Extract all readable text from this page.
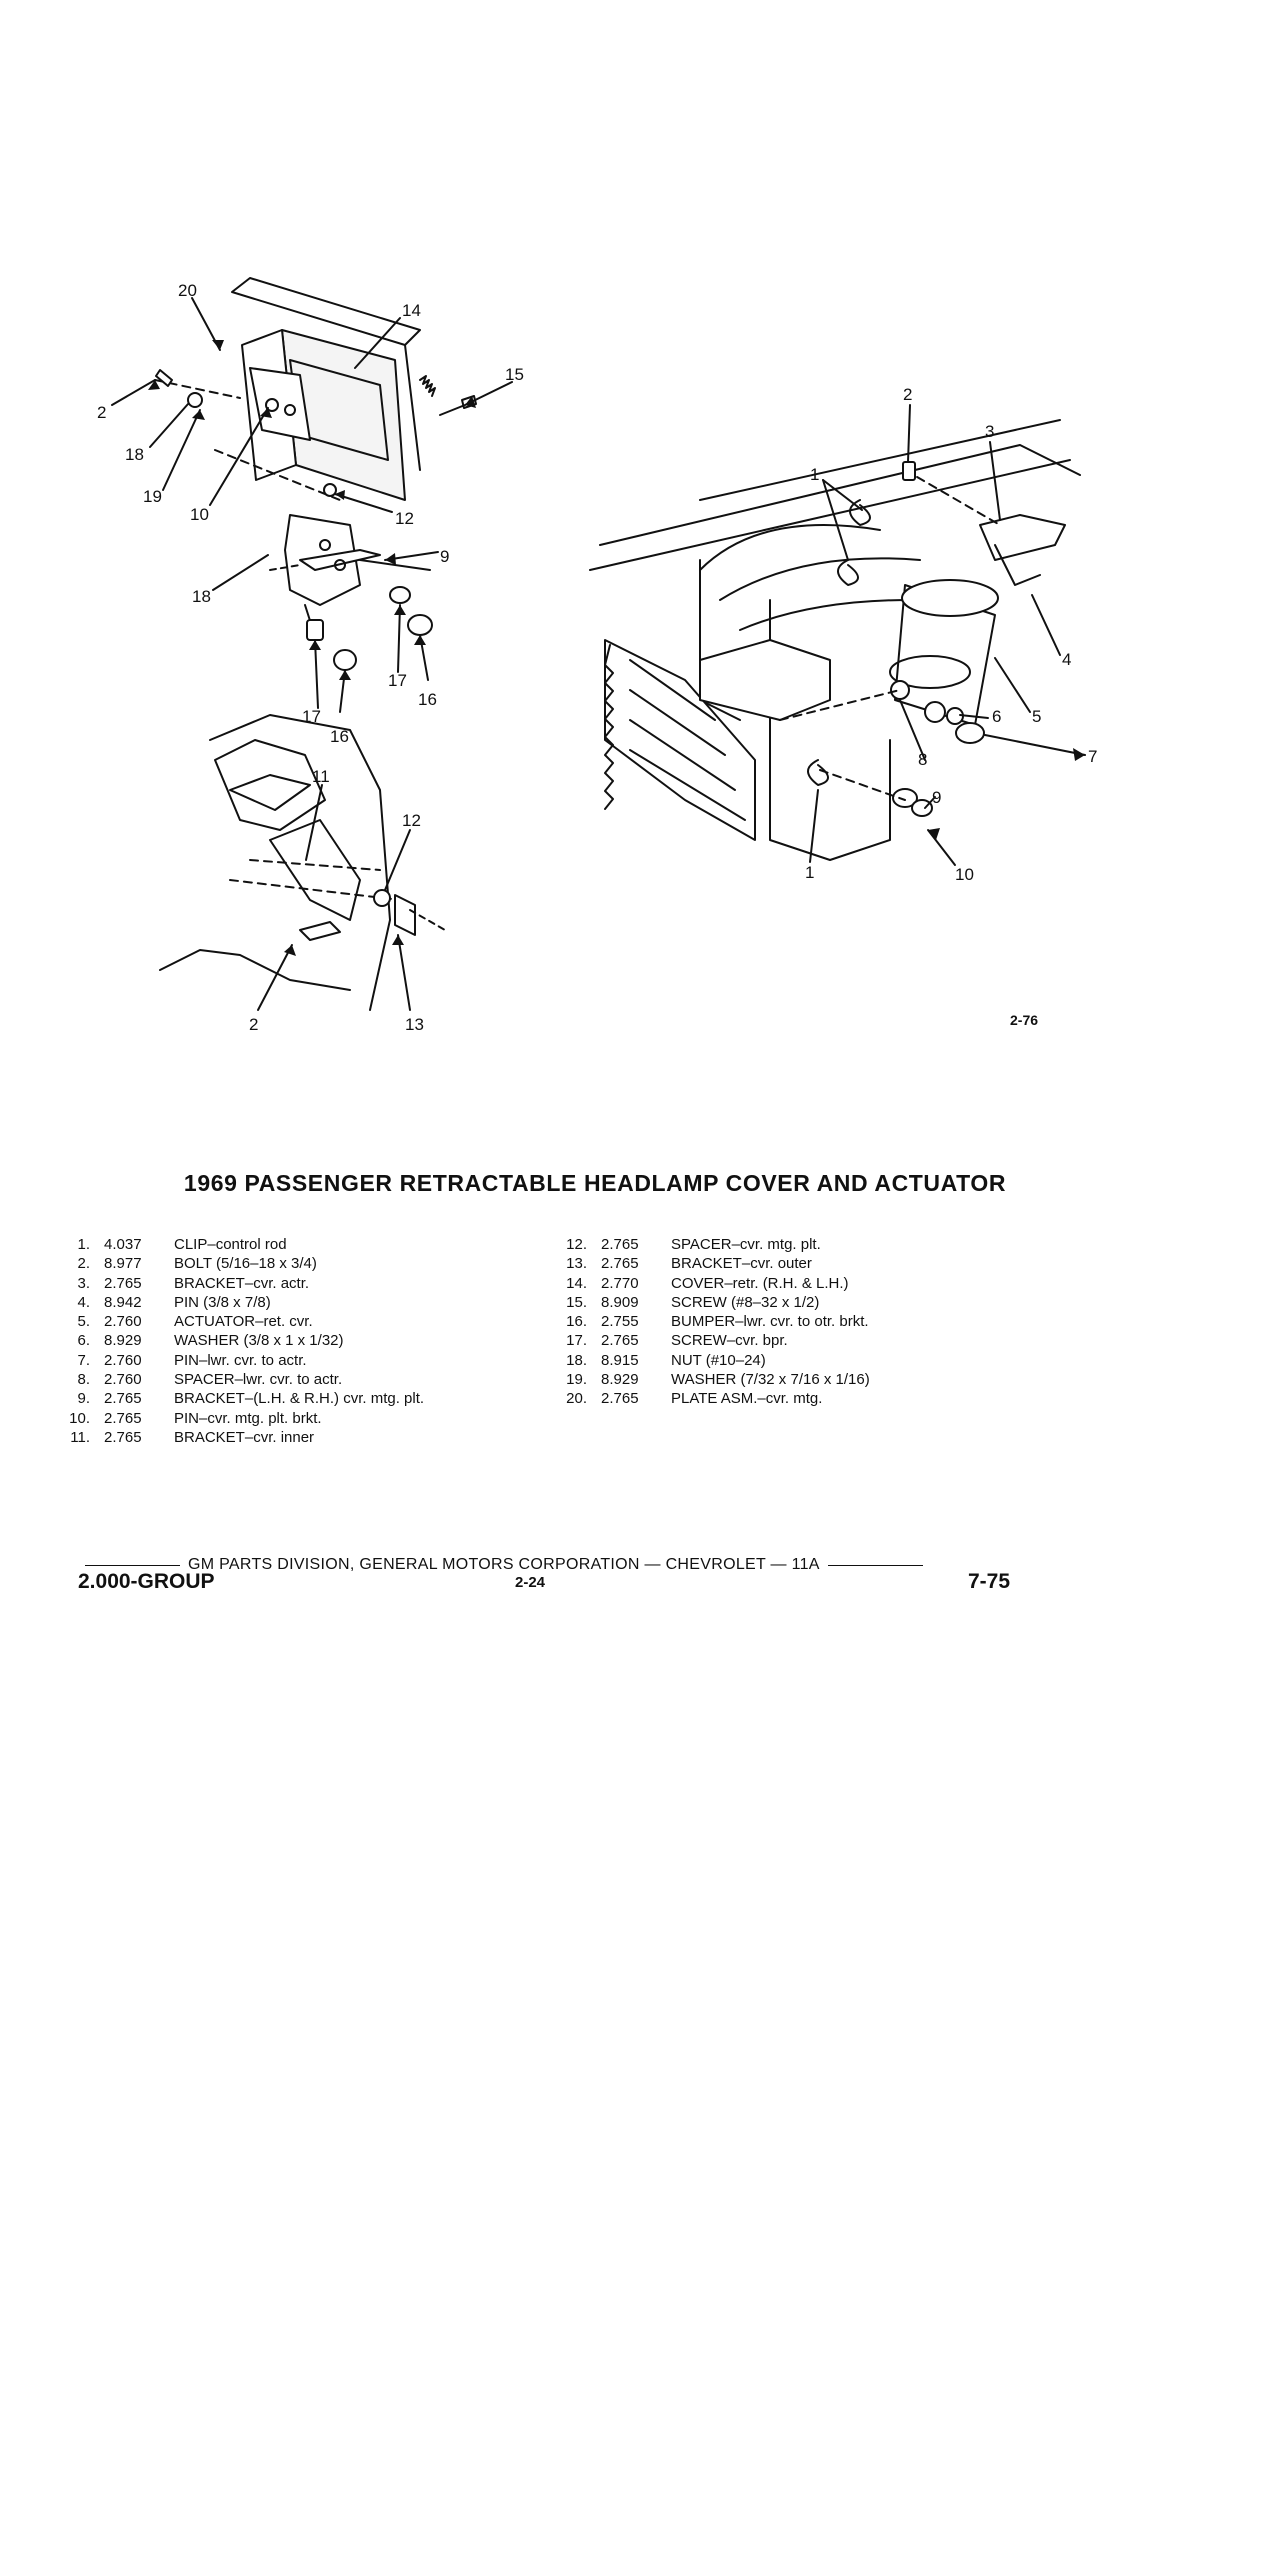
20
14
15
2
18
19
10	12
9
18
17
16
17
16
11
12
2	13
2
3
1
4
5
6
7
8
9
10
1
2-76
1969 PASSENGER RETRACTABLE HEADLAMP COVER AND ACTUATOR
1. 4.037	CLIP–control rod
2. 8.977	BOLT (5/16–18 x 3/4)
3. 2.765	BRACKET–cvr. actr.
4. 8.942	PIN (3/8 x 7/8)
5. 2.760	ACTUATOR–ret. cvr.
6. 8.929	WASHER (3/8 x 1 x 1/32)
7. 2.760	PIN–lwr. cvr. to actr.
8. 2.760	SPACER–lwr. cvr. to actr.
9. 2.765	BRACKET–(L.H. & R.H.) cvr. mtg. plt.
10. 2.765	PIN–cvr. mtg. plt. brkt.
11. 2.765	BRACKET–cvr. inner
12. 2.765	SPACER–cvr. mtg. plt.
13. 2.765	BRACKET–cvr. outer
14. 2.770	COVER–retr. (R.H. & L.H.)
15. 8.909	SCREW (#8–32 x 1/2)
16. 2.755	BUMPER–lwr. cvr. to otr. brkt.
17. 2.765	SCREW–cvr. bpr.
18. 8.915	NUT (#10–24)
19. 8.929	WASHER (7/32 x 7/16 x 1/16)
20. 2.765	PLATE ASM.–cvr. mtg.
GM PARTS DIVISION, GENERAL MOTORS CORPORATION — CHEVROLET — 11A
2.000-GROUP	2-24	7-75
